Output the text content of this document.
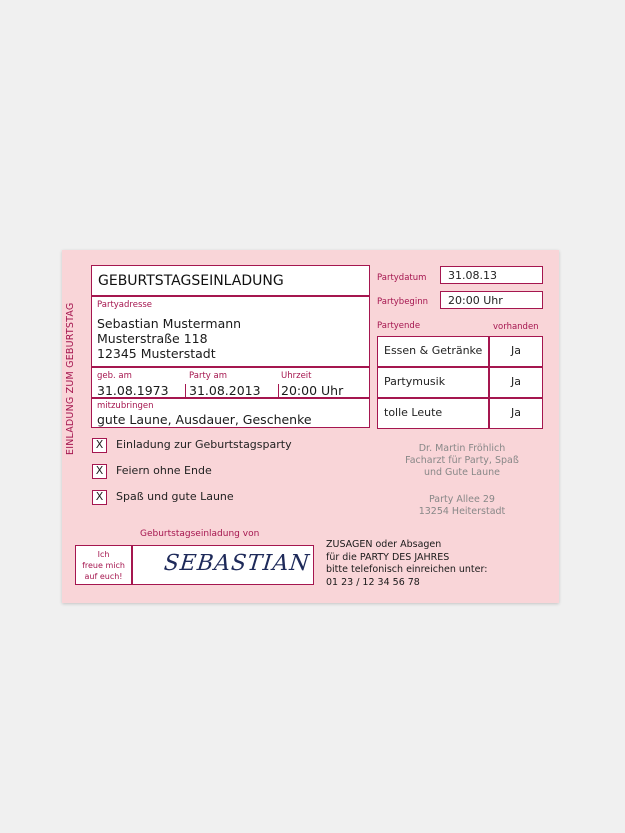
EINLADUNG ZUM GEBURTSTAG
GEBURTSTAGSEINLADUNG
Partyadresse
Sebastian Mustermann
Musterstraße 118
12345 Musterstadt
geb. am	Party am	Uhrzeit
31.08.1973 31.08.2013 20:00 Uhr
mitzubringen
gute Laune, Ausdauer, Geschenke
Partydatum 31.08.13
Partybeginn 20:00 Uhr
Partyende	vorhanden
Essen & Getränke	Ja
Partymusik	Ja
tolle Leute	Ja
X	Einladung zur Geburtstagsparty
X	Feiern ohne Ende
X	Spaß und gute Laune
Dr. Martin Fröhlich
Facharzt für Party, Spaß
und Gute Laune
Party Allee 29
13254 Heiterstadt
Geburtstagseinladung von
Ich
freue mich
auf euch!
SEBASTIAN
ZUSAGEN oder Absagen
für die PARTY DES JAHRES
bitte telefonisch einreichen unter:
01 23 / 12 34 56 78
